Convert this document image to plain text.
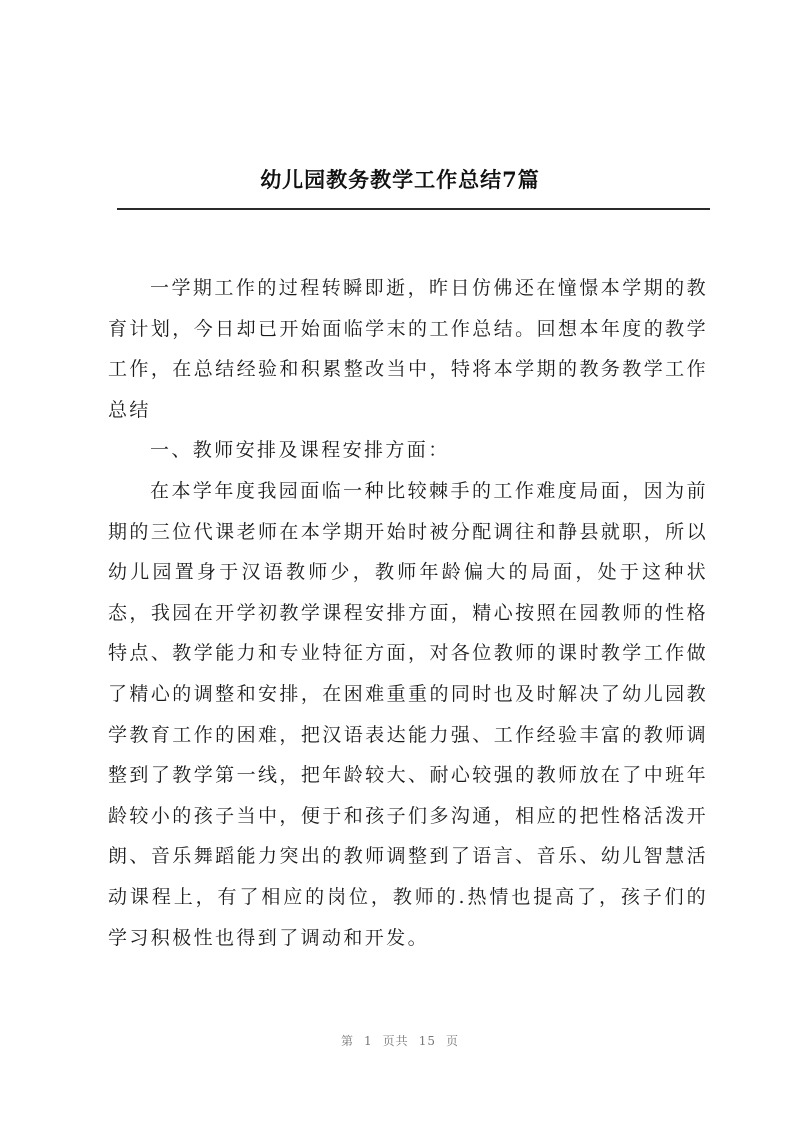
幼儿园教务教学工作总结7篇

一学期工作的过程转瞬即逝，昨日仿佛还在憧憬本学期的教育计划，今日却已开始面临学末的工作总结。回想本年度的教学工作，在总结经验和积累整改当中，特将本学期的教务教学工作总结

一、教师安排及课程安排方面：

在本学年度我园面临一种比较棘手的工作难度局面，因为前期的三位代课老师在本学期开始时被分配调往和静县就职，所以幼儿园置身于汉语教师少，教师年龄偏大的局面，处于这种状态，我园在开学初教学课程安排方面，精心按照在园教师的性格特点、教学能力和专业特征方面，对各位教师的课时教学工作做了精心的调整和安排，在困难重重的同时也及时解决了幼儿园教学教育工作的困难，把汉语表达能力强、工作经验丰富的教师调整到了教学第一线，把年龄较大、耐心较强的教师放在了中班年龄较小的孩子当中，便于和孩子们多沟通，相应的把性格活泼开朗、音乐舞蹈能力突出的教师调整到了语言、音乐、幼儿智慧活动课程上，有了相应的岗位，教师的.热情也提高了，孩子们的学习积极性也得到了调动和开发。

第 1 页共 15 页
